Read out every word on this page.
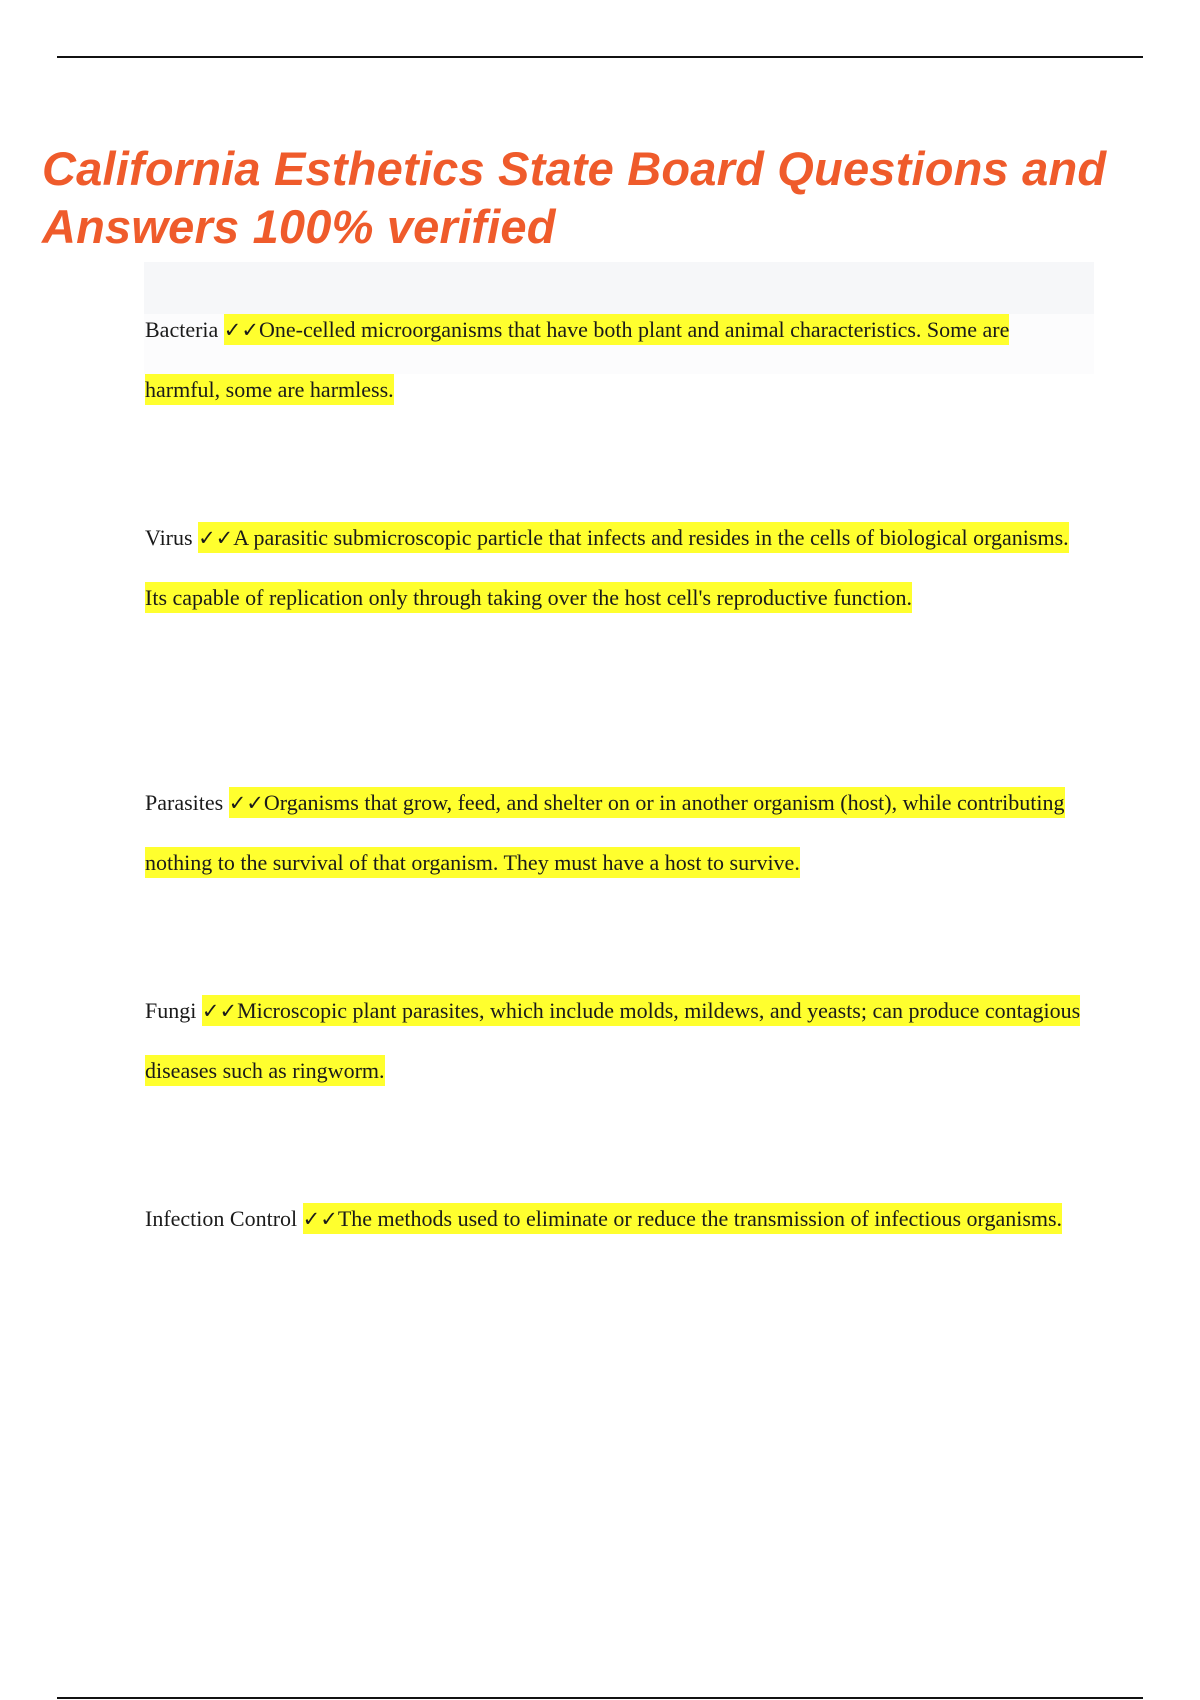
California Esthetics State Board Questions and Answers 100% verified
Bacteria ✓✓One-celled microorganisms that have both plant and animal characteristics. Some are harmful, some are harmless.
Virus ✓✓A parasitic submicroscopic particle that infects and resides in the cells of biological organisms. Its capable of replication only through taking over the host cell's reproductive function.
Parasites ✓✓Organisms that grow, feed, and shelter on or in another organism (host), while contributing nothing to the survival of that organism. They must have a host to survive.
Fungi ✓✓Microscopic plant parasites, which include molds, mildews, and yeasts; can produce contagious diseases such as ringworm.
Infection Control ✓✓The methods used to eliminate or reduce the transmission of infectious organisms.
